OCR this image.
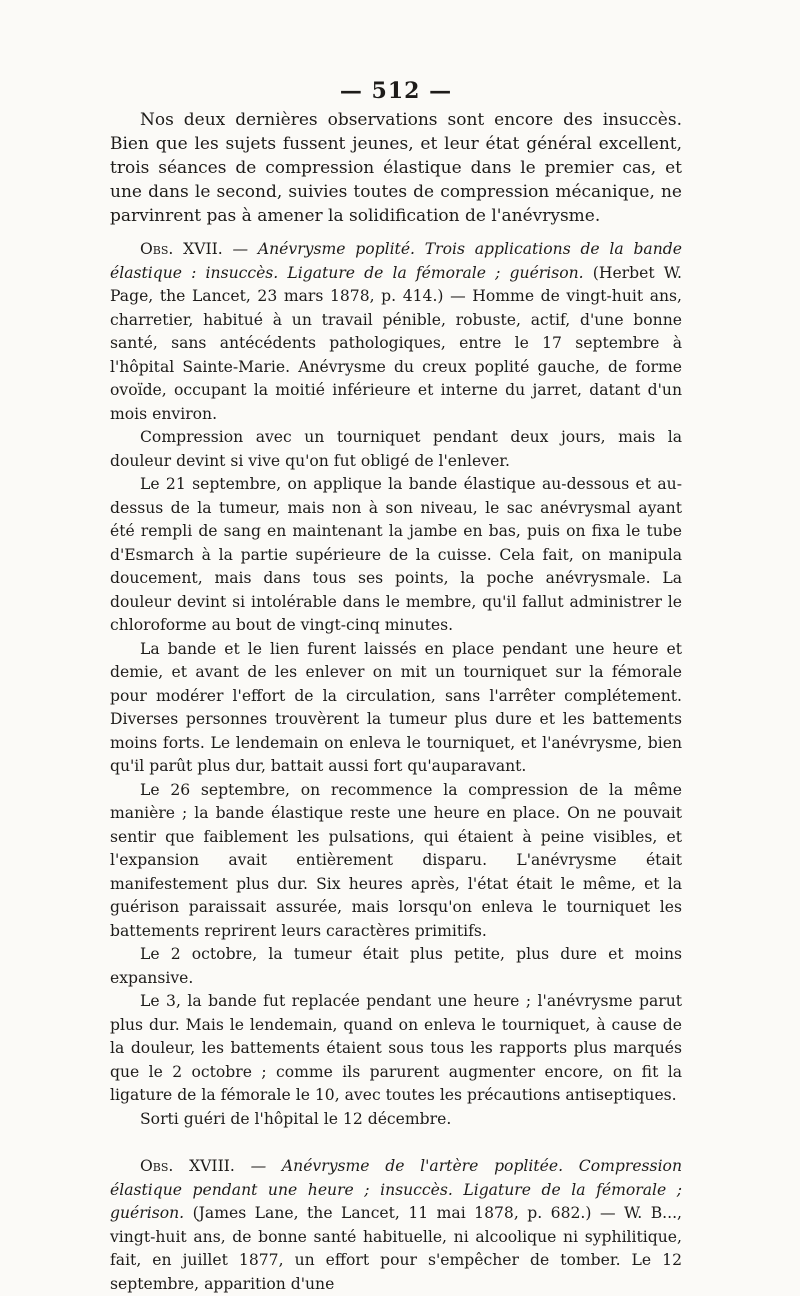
— 512 —

Nos deux dernières observations sont encore des insuccès. Bien que les sujets fussent jeunes, et leur état général excellent, trois séances de compression élastique dans le premier cas, et une dans le second, suivies toutes de compression mécanique, ne parvinrent pas à amener la solidification de l'anévrysme.

Obs. XVII. — Anévrysme poplité. Trois applications de la bande élastique : insuccès. Ligature de la fémorale ; guérison. (Herbet W. Page, the Lancet, 23 mars 1878, p. 414.) — Homme de vingt-huit ans, charretier, habitué à un travail pénible, robuste, actif, d'une bonne santé, sans antécédents pathologiques, entre le 17 septembre à l'hôpital Sainte-Marie. Anévrysme du creux poplité gauche, de forme ovoïde, occupant la moitié inférieure et interne du jarret, datant d'un mois environ.

Compression avec un tourniquet pendant deux jours, mais la douleur devint si vive qu'on fut obligé de l'enlever.

Le 21 septembre, on applique la bande élastique au-dessous et au-dessus de la tumeur, mais non à son niveau, le sac anévrysmal ayant été rempli de sang en maintenant la jambe en bas, puis on fixa le tube d'Esmarch à la partie supérieure de la cuisse. Cela fait, on manipula doucement, mais dans tous ses points, la poche anévrysmale. La douleur devint si intolérable dans le membre, qu'il fallut administrer le chloroforme au bout de vingt-cinq minutes.

La bande et le lien furent laissés en place pendant une heure et demie, et avant de les enlever on mit un tourniquet sur la fémorale pour modérer l'effort de la circulation, sans l'arrêter complétement. Diverses personnes trouvèrent la tumeur plus dure et les battements moins forts. Le lendemain on enleva le tourniquet, et l'anévrysme, bien qu'il parût plus dur, battait aussi fort qu'auparavant.

Le 26 septembre, on recommence la compression de la même manière ; la bande élastique reste une heure en place. On ne pouvait sentir que faiblement les pulsations, qui étaient à peine visibles, et l'expansion avait entièrement disparu. L'anévrysme était manifestement plus dur. Six heures après, l'état était le même, et la guérison paraissait assurée, mais lorsqu'on enleva le tourniquet les battements reprirent leurs caractères primitifs.

Le 2 octobre, la tumeur était plus petite, plus dure et moins expansive.

Le 3, la bande fut replacée pendant une heure ; l'anévrysme parut plus dur. Mais le lendemain, quand on enleva le tourniquet, à cause de la douleur, les battements étaient sous tous les rapports plus marqués que le 2 octobre ; comme ils parurent augmenter encore, on fit la ligature de la fémorale le 10, avec toutes les précautions antiseptiques.

Sorti guéri de l'hôpital le 12 décembre.

Obs. XVIII. — Anévrysme de l'artère poplitée. Compression élastique pendant une heure ; insuccès. Ligature de la fémorale ; guérison. (James Lane, the Lancet, 11 mai 1878, p. 682.) — W. B..., vingt-huit ans, de bonne santé habituelle, ni alcoolique ni syphilitique, fait, en juillet 1877, un effort pour s'empêcher de tomber. Le 12 septembre, apparition d'une
